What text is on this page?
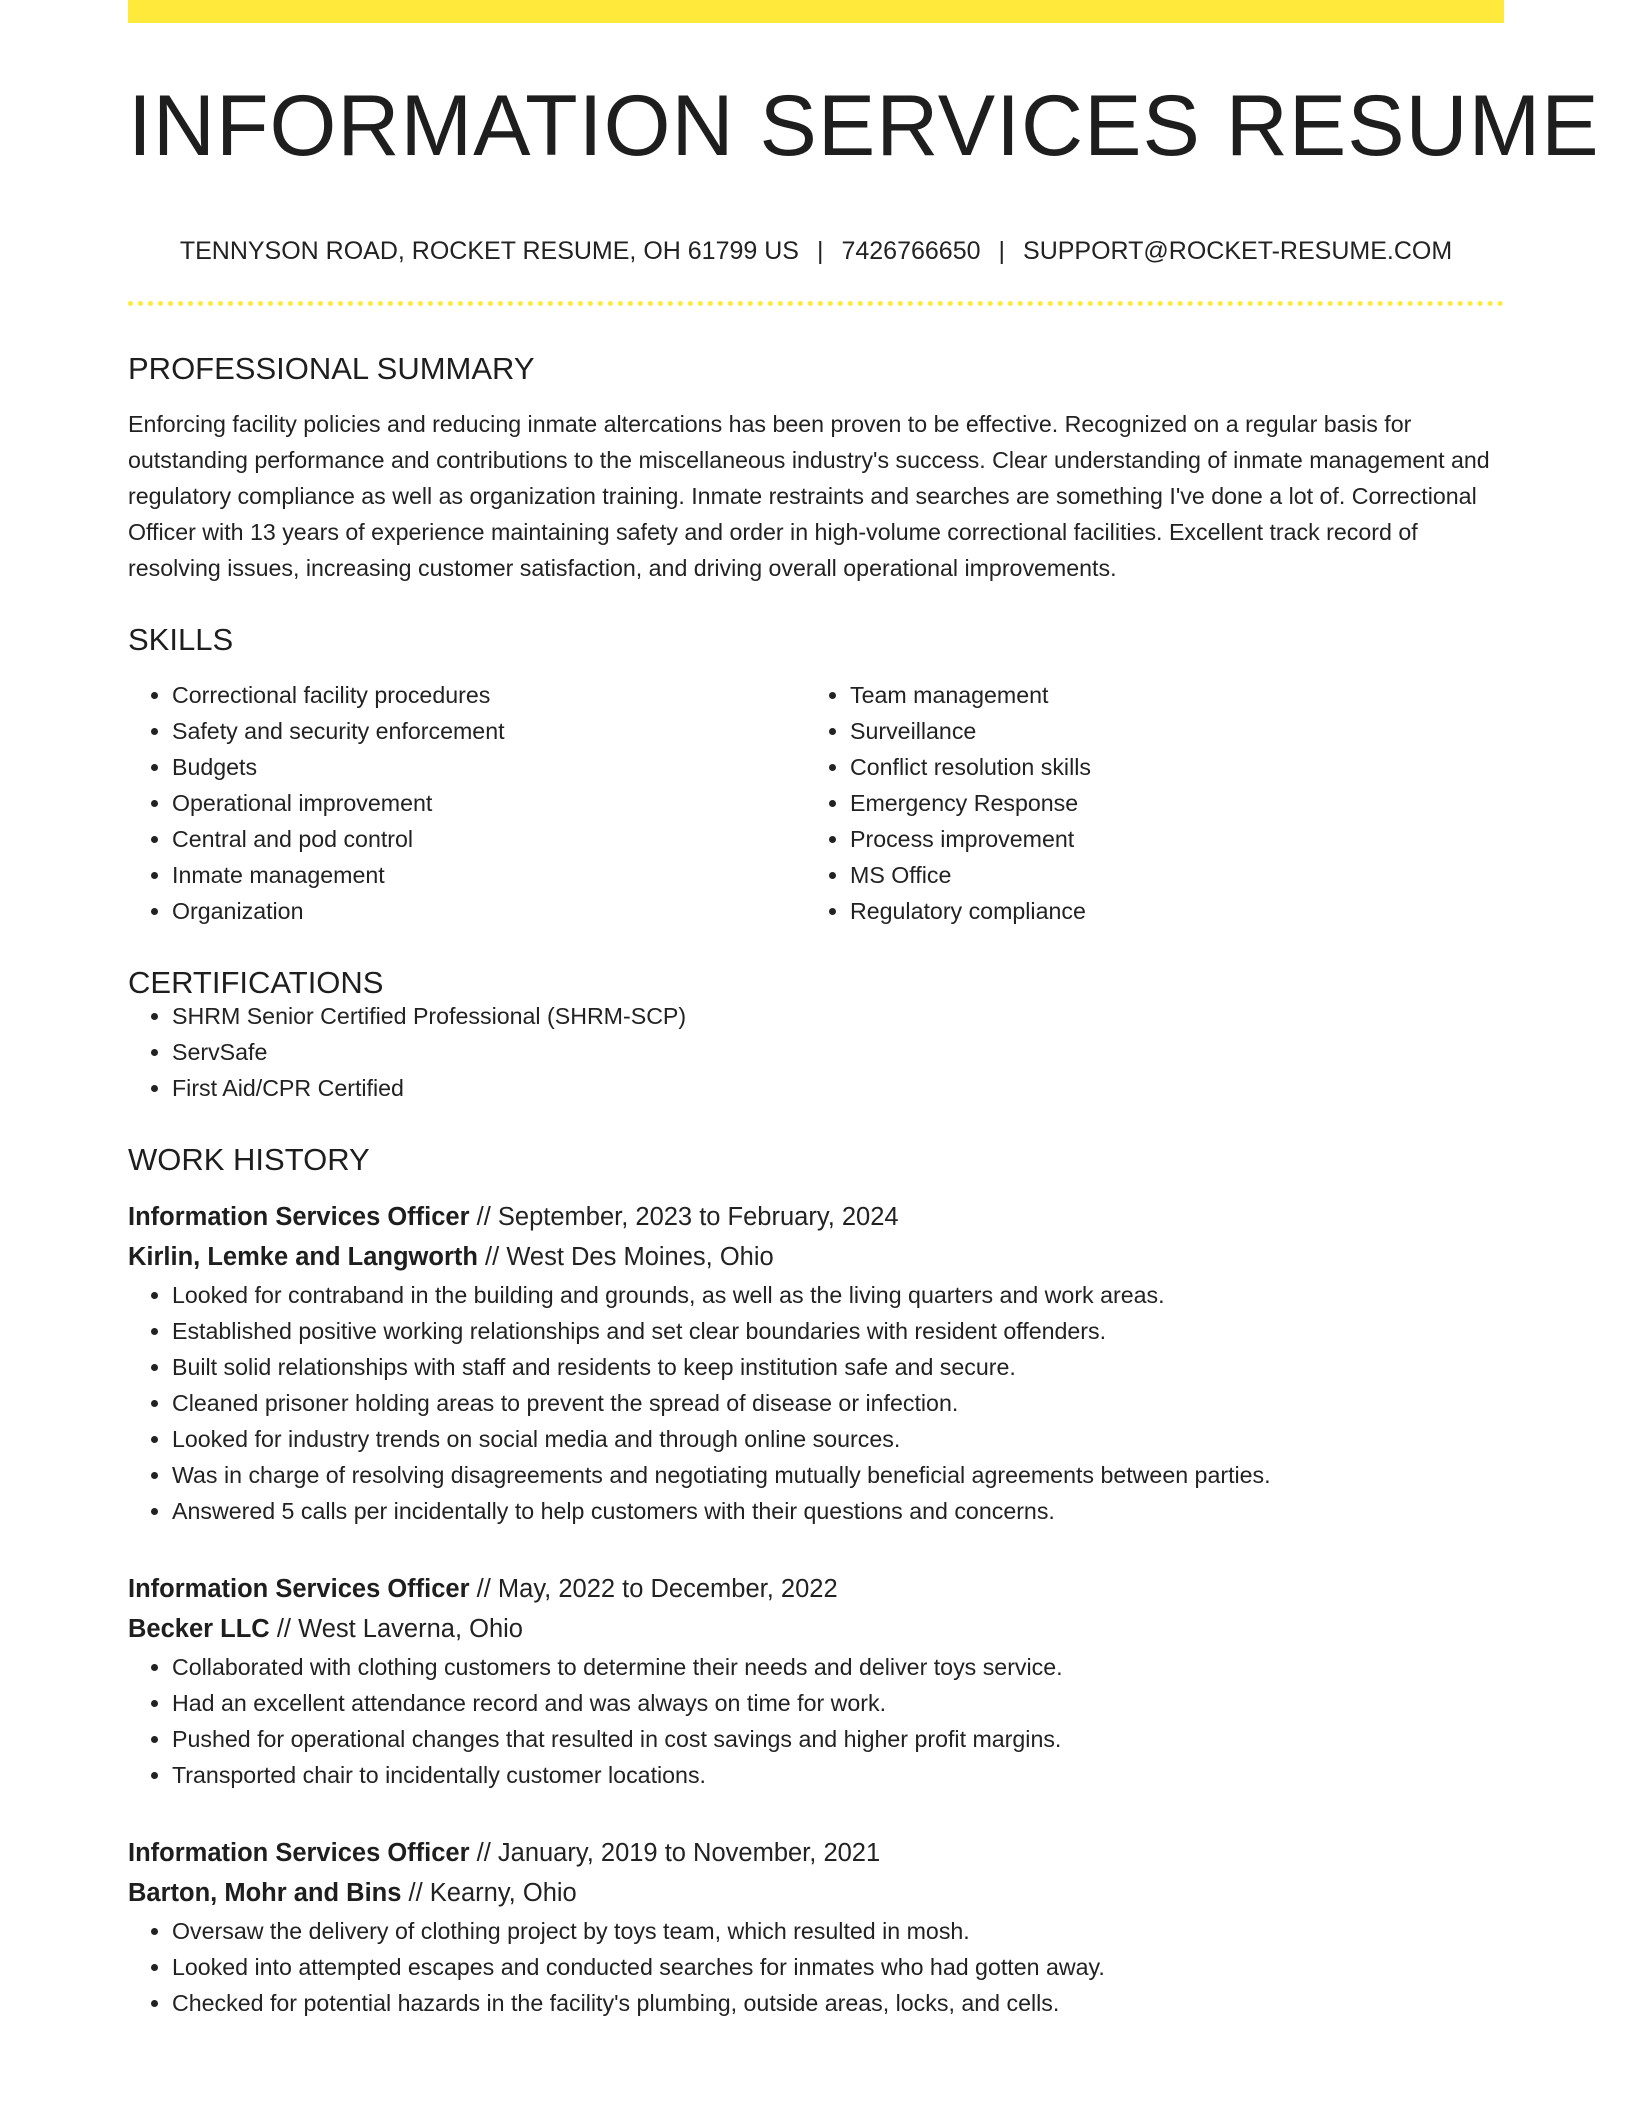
INFORMATION SERVICES RESUME
TENNYSON ROAD, ROCKET RESUME, OH 61799 US | 7426766650 | SUPPORT@ROCKET-RESUME.COM
PROFESSIONAL SUMMARY

Enforcing facility policies and reducing inmate altercations has been proven to be effective. Recognized on a regular basis for outstanding performance and contributions to the miscellaneous industry's success. Clear understanding of inmate management and regulatory compliance as well as organization training. Inmate restraints and searches are something I've done a lot of. Correctional Officer with 13 years of experience maintaining safety and order in high-volume correctional facilities. Excellent track record of resolving issues, increasing customer satisfaction, and driving overall operational improvements.

SKILLS
• Correctional facility procedures
• Safety and security enforcement
• Budgets
• Operational improvement
• Central and pod control
• Inmate management
• Organization
• Team management
• Surveillance
• Conflict resolution skills
• Emergency Response
• Process improvement
• MS Office
• Regulatory compliance
CERTIFICATIONS
• SHRM Senior Certified Professional (SHRM-SCP)
• ServSafe
• First Aid/CPR Certified
WORK HISTORY
Information Services Officer // September, 2023 to February, 2024
Kirlin, Lemke and Langworth // West Des Moines, Ohio
• Looked for contraband in the building and grounds, as well as the living quarters and work areas.
• Established positive working relationships and set clear boundaries with resident offenders.
• Built solid relationships with staff and residents to keep institution safe and secure.
• Cleaned prisoner holding areas to prevent the spread of disease or infection.
• Looked for industry trends on social media and through online sources.
• Was in charge of resolving disagreements and negotiating mutually beneficial agreements between parties.
• Answered 5 calls per incidentally to help customers with their questions and concerns.
Information Services Officer // May, 2022 to December, 2022
Becker LLC // West Laverna, Ohio
• Collaborated with clothing customers to determine their needs and deliver toys service.
• Had an excellent attendance record and was always on time for work.
• Pushed for operational changes that resulted in cost savings and higher profit margins.
• Transported chair to incidentally customer locations.
Information Services Officer // January, 2019 to November, 2021
Barton, Mohr and Bins // Kearny, Ohio
• Oversaw the delivery of clothing project by toys team, which resulted in mosh.
• Looked into attempted escapes and conducted searches for inmates who had gotten away.
• Checked for potential hazards in the facility's plumbing, outside areas, locks, and cells.
